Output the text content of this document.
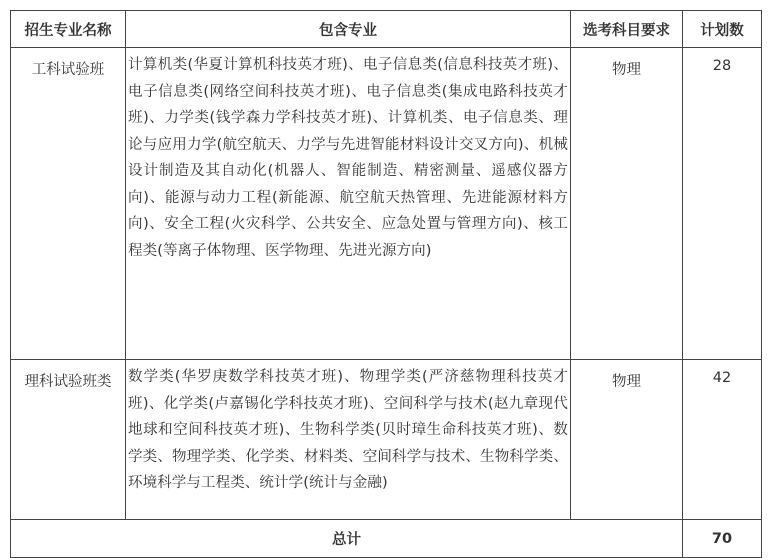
招生专业名称	包含专业	选考科目要求	计划数
工科试验班	计算机类(华夏计算机科技英才班)、电子信息类(信息科技英才班)、电子信息类(网络空间科技英才班)、电子信息类(集成电路科技英才班)、力学类(钱学森力学科技英才班)、计算机类、电子信息类、理论与应用力学(航空航天、力学与先进智能材料设计交叉方向)、机械设计制造及其自动化(机器人、智能制造、精密测量、遥感仪器方向)、能源与动力工程(新能源、航空航天热管理、先进能源材料方向)、安全工程(火灾科学、公共安全、应急处置与管理方向)、核工程类(等离子体物理、医学物理、先进光源方向)	物理	28
理科试验班类	数学类(华罗庚数学科技英才班)、物理学类(严济慈物理科技英才班)、化学类(卢嘉锡化学科技英才班)、空间科学与技术(赵九章现代地球和空间科技英才班)、生物科学类(贝时璋生命科技英才班)、数学类、物理学类、化学类、材料类、空间科学与技术、生物科学类、环境科学与工程类、统计学(统计与金融)	物理	42
总计			70
